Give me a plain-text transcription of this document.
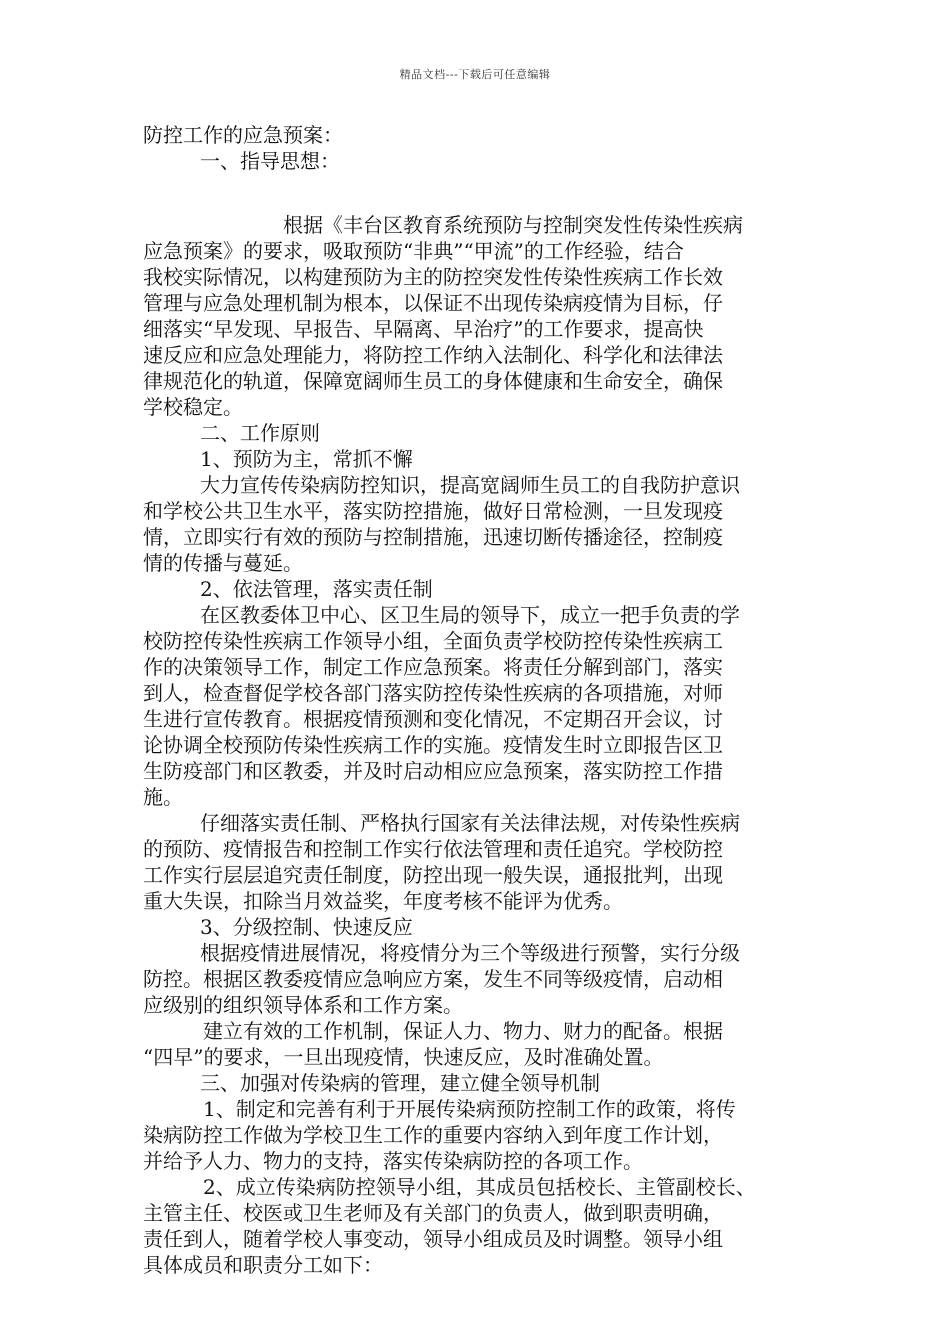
精品文档---下载后可任意编辑
防控工作的应急预案：
一、指导思想：
根据《丰台区教育系统预防与控制突发性传染性疾病
应急预案》的要求，吸取预防“非典”“甲流”的工作经验，结合
我校实际情况，以构建预防为主的防控突发性传染性疾病工作长效
管理与应急处理机制为根本，以保证不出现传染病疫情为目标，仔
细落实“早发现、早报告、早隔离、早治疗”的工作要求，提高快
速反应和应急处理能力，将防控工作纳入法制化、科学化和法律法
律规范化的轨道，保障宽阔师生员工的身体健康和生命安全，确保
学校稳定。
二、工作原则
1、预防为主，常抓不懈
大力宣传传染病防控知识，提高宽阔师生员工的自我防护意识
和学校公共卫生水平，落实防控措施，做好日常检测，一旦发现疫
情，立即实行有效的预防与控制措施，迅速切断传播途径，控制疫
情的传播与蔓延。
2、依法管理，落实责任制
在区教委体卫中心、区卫生局的领导下，成立一把手负责的学
校防控传染性疾病工作领导小组，全面负责学校防控传染性疾病工
作的决策领导工作，制定工作应急预案。将责任分解到部门，落实
到人，检查督促学校各部门落实防控传染性疾病的各项措施，对师
生进行宣传教育。根据疫情预测和变化情况，不定期召开会议，讨
论协调全校预防传染性疾病工作的实施。疫情发生时立即报告区卫
生防疫部门和区教委，并及时启动相应应急预案，落实防控工作措
施。
仔细落实责任制、严格执行国家有关法律法规，对传染性疾病
的预防、疫情报告和控制工作实行依法管理和责任追究。学校防控
工作实行层层追究责任制度，防控出现一般失误，通报批判，出现
重大失误，扣除当月效益奖，年度考核不能评为优秀。
3、分级控制、快速反应
根据疫情进展情况，将疫情分为三个等级进行预警，实行分级
防控。根据区教委疫情应急响应方案，发生不同等级疫情，启动相
应级别的组织领导体系和工作方案。
建立有效的工作机制，保证人力、物力、财力的配备。根据
“四早”的要求，一旦出现疫情，快速反应，及时准确处置。
三、加强对传染病的管理，建立健全领导机制
1、制定和完善有利于开展传染病预防控制工作的政策，将传
染病防控工作做为学校卫生工作的重要内容纳入到年度工作计划，
并给予人力、物力的支持，落实传染病防控的各项工作。
2、成立传染病防控领导小组，其成员包括校长、主管副校长、
主管主任、校医或卫生老师及有关部门的负责人，做到职责明确，
责任到人，随着学校人事变动，领导小组成员及时调整。领导小组
具体成员和职责分工如下：
